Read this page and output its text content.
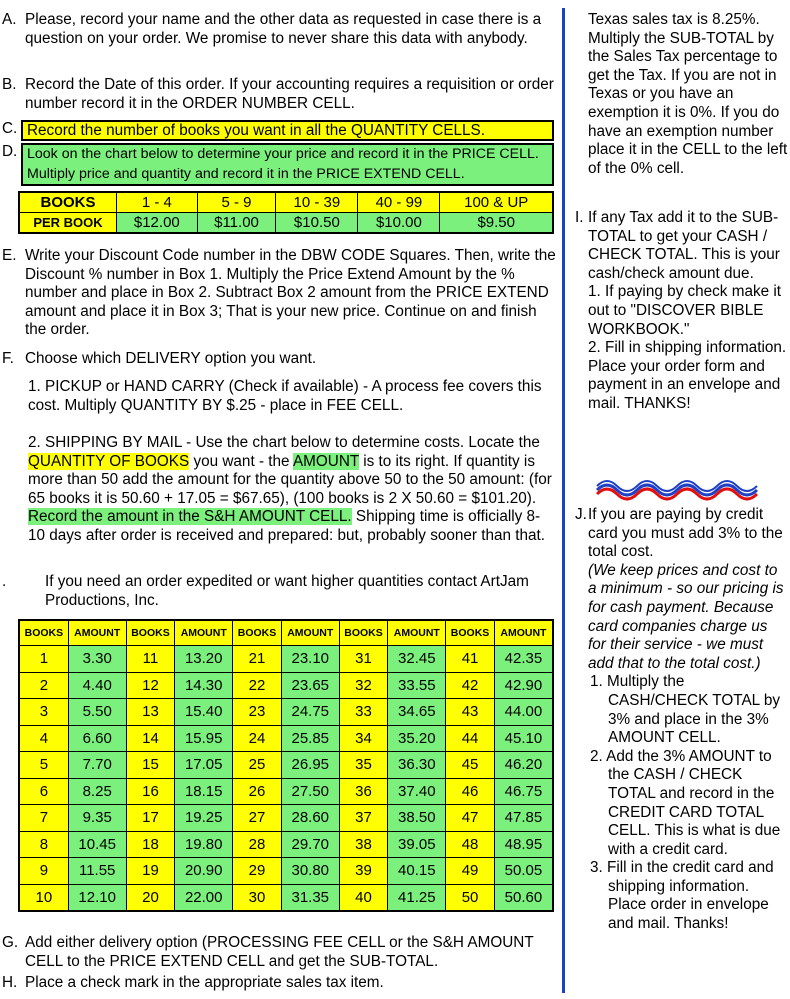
A. Please, record your name and the other data as requested in case there is a question on your order. We promise to never share this data with anybody.
B. Record the Date of this order. If your accounting requires a requisition or order number record it in the ORDER NUMBER CELL.
C. Record the number of books you want in all the QUANTITY CELLS.
D. Look on the chart below to determine your price and record it in the PRICE CELL. Multiply price and quantity and record it in the PRICE EXTEND CELL.
BOOKS	1 - 4	5 - 9	10 - 39	40 - 99	100 & UP
PER BOOK	$12.00	$11.00	$10.50	$10.00	$9.50
E. Write your Discount Code number in the DBW CODE Squares. Then, write the Discount % number in Box 1. Multiply the Price Extend Amount by the % number and place in Box 2. Subtract Box 2 amount from the PRICE EXTEND amount and place it in Box 3; That is your new price. Continue on and finish the order.
F. Choose which DELIVERY option you want.
1. PICKUP or HAND CARRY (Check if available) - A process fee covers this cost. Multiply QUANTITY BY $.25 - place in FEE CELL.
2. SHIPPING BY MAIL - Use the chart below to determine costs. Locate the QUANTITY OF BOOKS you want - the AMOUNT is to its right. If quantity is more than 50 add the amount for the quantity above 50 to the 50 amount: (for 65 books it is 50.60 + 17.05 = $67.65), (100 books is 2 X 50.60 = $101.20). Record the amount in the S&H AMOUNT CELL. Shipping time is officially 8-10 days after order is received and prepared: but, probably sooner than that.
.	If you need an order expedited or want higher quantities contact ArtJam Productions, Inc.
BOOKS	AMOUNT	BOOKS	AMOUNT	BOOKS	AMOUNT	BOOKS	AMOUNT	BOOKS	AMOUNT
1	3.30	11	13.20	21	23.10	31	32.45	41	42.35
2	4.40	12	14.30	22	23.65	32	33.55	42	42.90
3	5.50	13	15.40	23	24.75	33	34.65	43	44.00
4	6.60	14	15.95	24	25.85	34	35.20	44	45.10
5	7.70	15	17.05	25	26.95	35	36.30	45	46.20
6	8.25	16	18.15	26	27.50	36	37.40	46	46.75
7	9.35	17	19.25	27	28.60	37	38.50	47	47.85
8	10.45	18	19.80	28	29.70	38	39.05	48	48.95
9	11.55	19	20.90	29	30.80	39	40.15	49	50.05
10	12.10	20	22.00	30	31.35	40	41.25	50	50.60
G. Add either delivery option (PROCESSING FEE CELL or the S&H AMOUNT CELL to the PRICE EXTEND CELL and get the SUB-TOTAL.
H. Place a check mark in the appropriate sales tax item.
Texas sales tax is 8.25%. Multiply the SUB-TOTAL by the Sales Tax percentage to get the Tax. If you are not in Texas or you have an exemption it is 0%. If you do have an exemption number place it in the CELL to the left of the 0% cell.
I. If any Tax add it to the SUB-TOTAL to get your CASH / CHECK TOTAL. This is your cash/check amount due.
1. If paying by check make it out to "DISCOVER BIBLE WORKBOOK."
2. Fill in shipping information. Place your order form and payment in an envelope and mail. THANKS!
J. If you are paying by credit card you must add 3% to the total cost.
(We keep prices and cost to a minimum - so our pricing is for cash payment. Because card companies charge us for their service - we must add that to the total cost.)
1. Multiply the CASH/CHECK TOTAL by 3% and place in the 3% AMOUNT CELL.
2. Add the 3% AMOUNT to the CASH / CHECK TOTAL and record in the CREDIT CARD TOTAL CELL. This is what is due with a credit card.
3. Fill in the credit card and shipping information. Place order in envelope and mail. Thanks!
